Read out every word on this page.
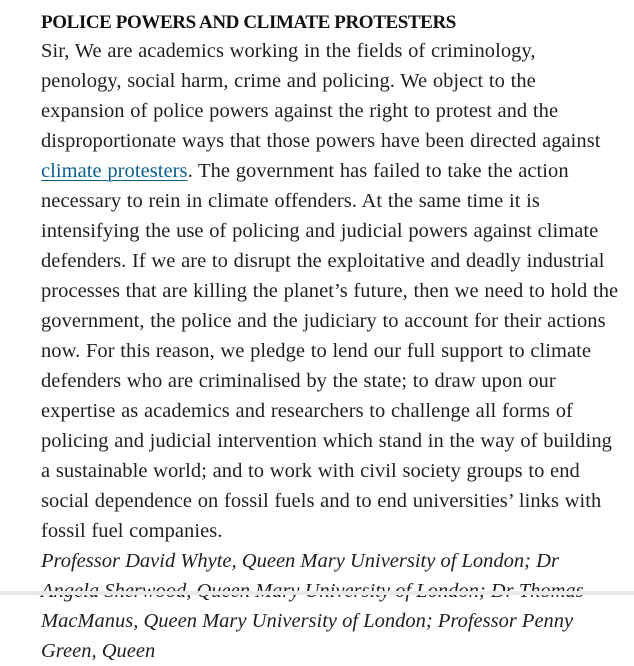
POLICE POWERS AND CLIMATE PROTESTERS

Sir, We are academics working in the fields of criminology, penology, social harm, crime and policing. We object to the expansion of police powers against the right to protest and the disproportionate ways that those powers have been directed against climate protesters. The government has failed to take the action necessary to rein in climate offenders. At the same time it is intensifying the use of policing and judicial powers against climate defenders. If we are to disrupt the exploitative and deadly industrial processes that are killing the planet’s future, then we need to hold the government, the police and the judiciary to account for their actions now. For this reason, we pledge to lend our full support to climate defenders who are criminalised by the state; to draw upon our expertise as academics and researchers to challenge all forms of policing and judicial intervention which stand in the way of building a sustainable world; and to work with civil society groups to end social dependence on fossil fuels and to end universities’ links with fossil fuel companies.

Professor David Whyte, Queen Mary University of London; Dr MacManus, Queen Mary University of London; Professor Penny Green, Queen
